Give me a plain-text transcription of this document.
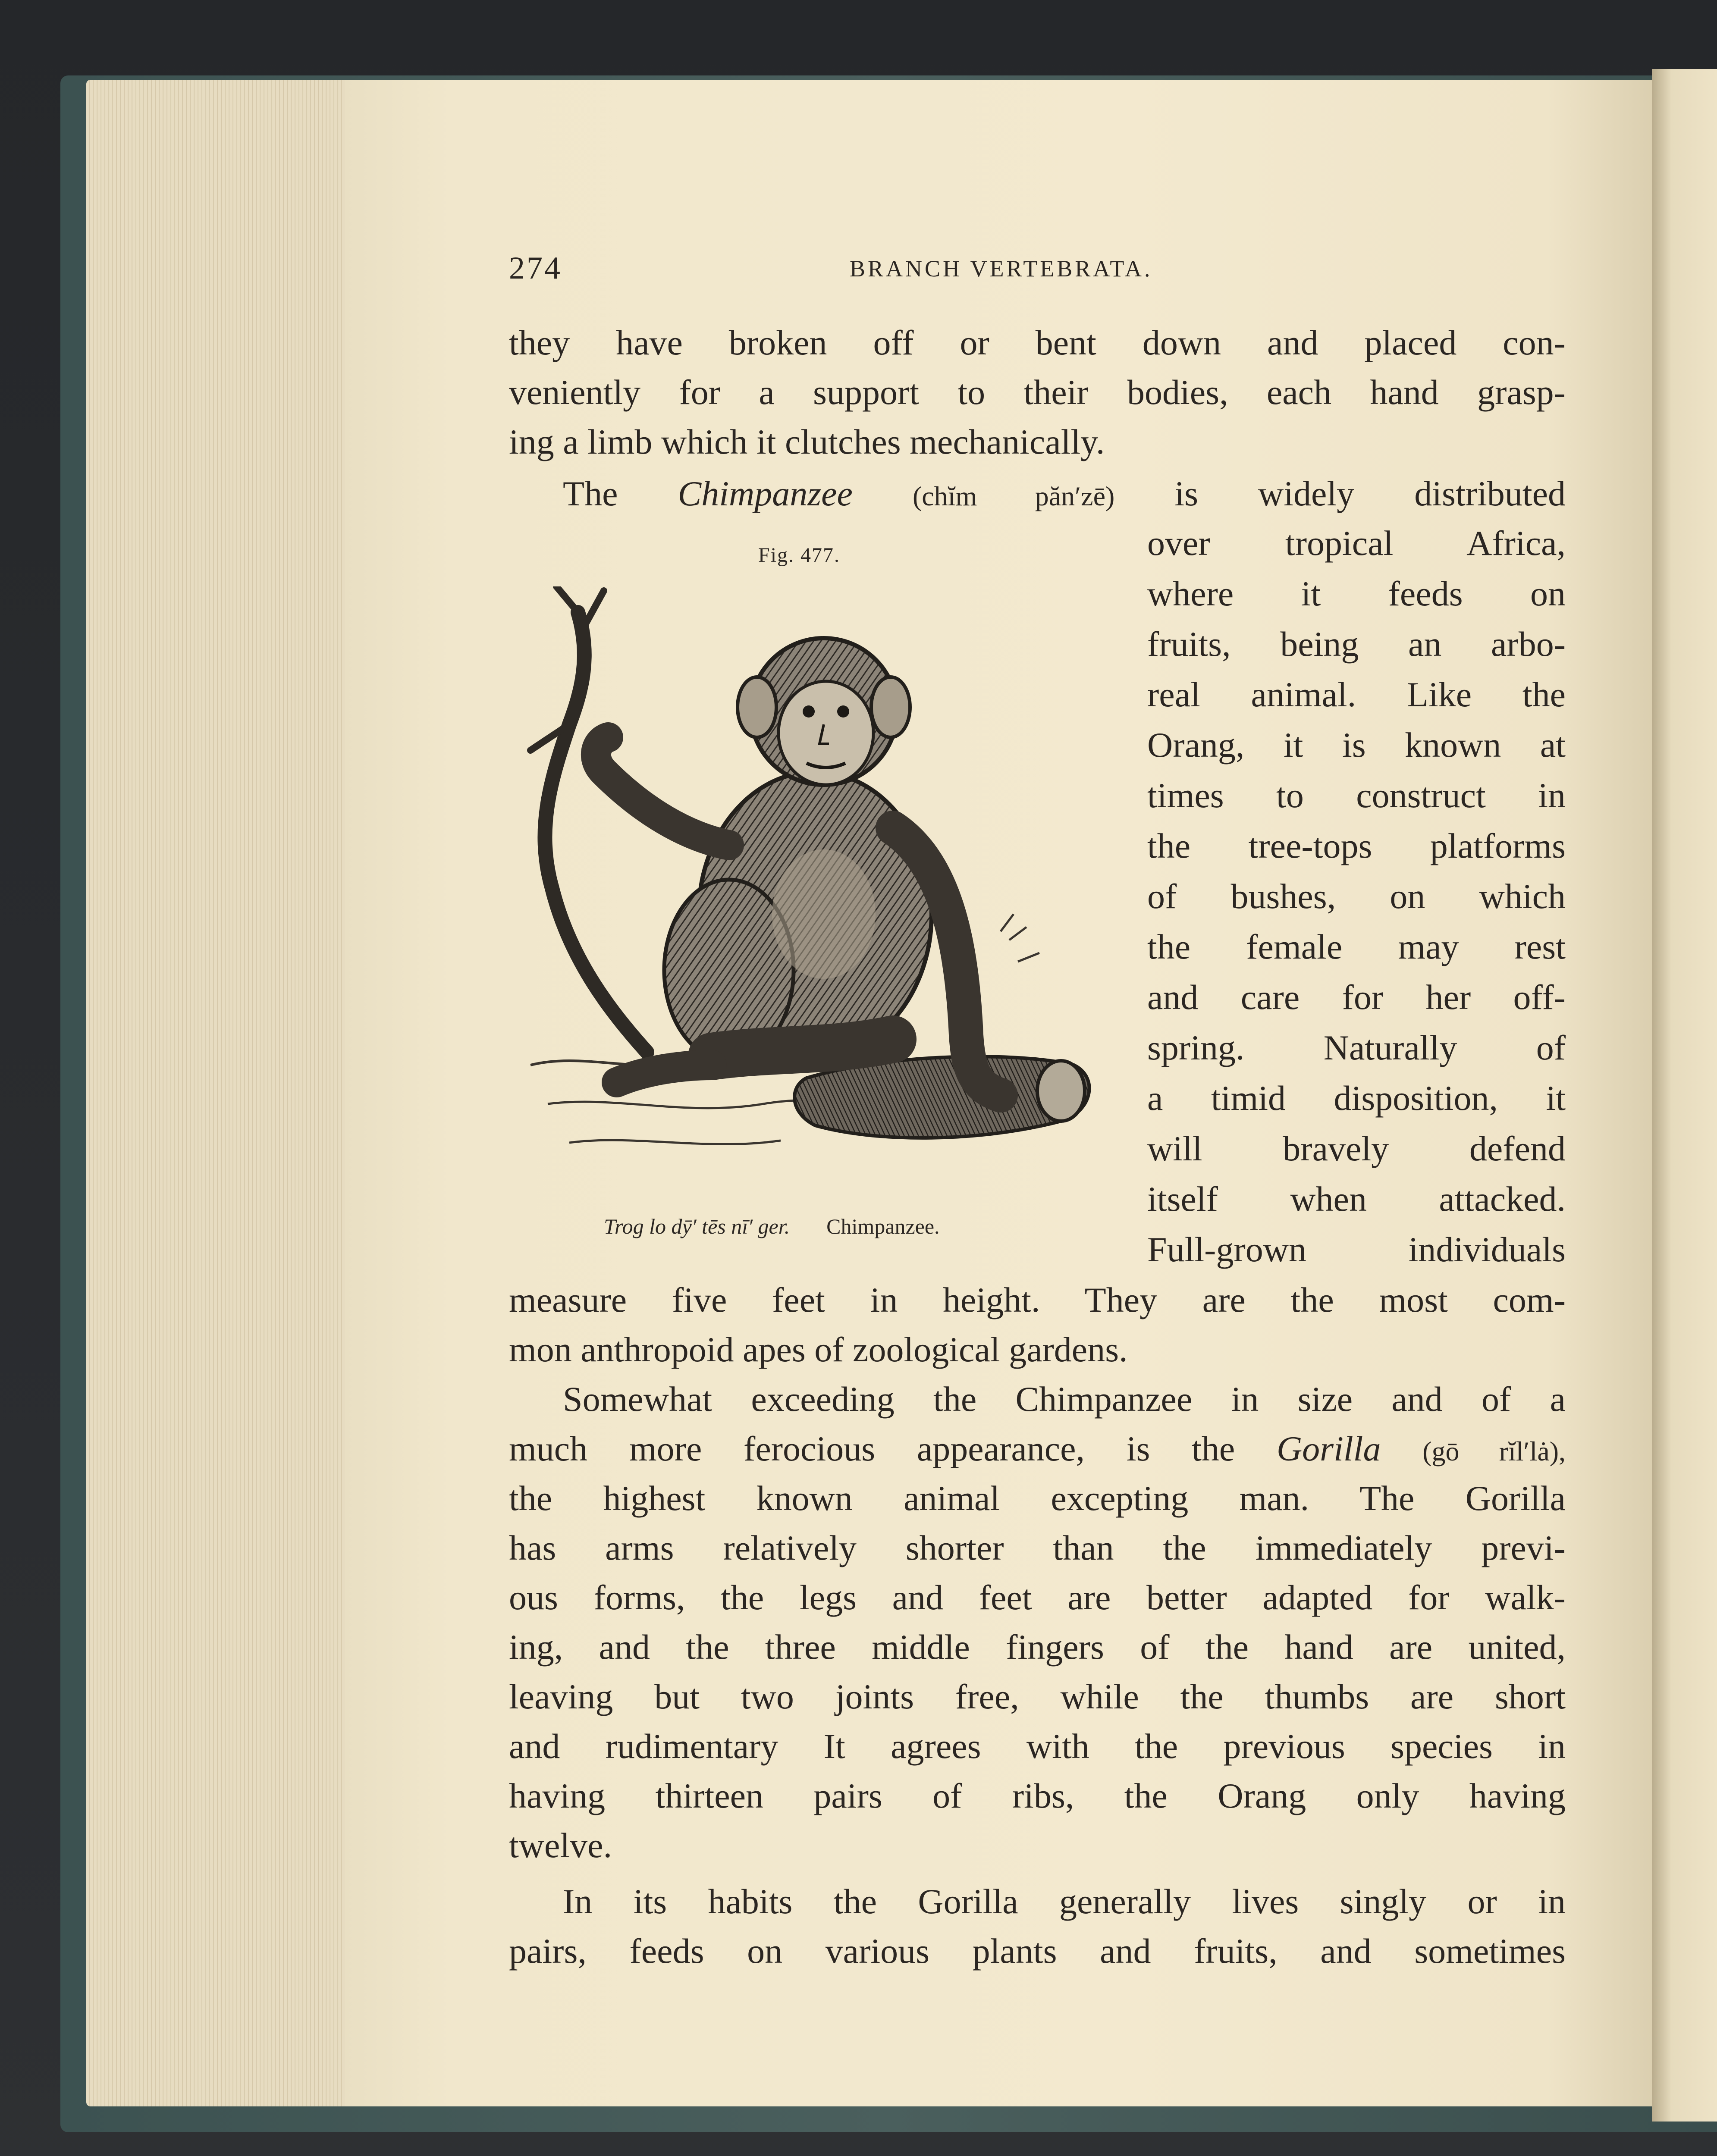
274	BRANCH VERTEBRATA.
they have broken off or bent down and placed con-
veniently for a support to their bodies, each hand grasp-
ing a limb which it clutches mechanically.
The Chimpanzee (chĭm păn′zē) is widely distributed
over tropical Africa,
where it feeds on
fruits, being an arbo-
real animal. Like the
Orang, it is known at
times to construct in
the tree-tops platforms
of bushes, on which
the female may rest
and care for her off-
spring. Naturally of
a timid disposition, it
will bravely defend
itself when attacked.
Full-grown individuals
measure five feet in height. They are the most com-
mon anthropoid apes of zoological gardens.
Fig. 477.
Trog lo dȳ′ tēs nī′ ger. Chimpanzee.
Somewhat exceeding the Chimpanzee in size and of a
much more ferocious appearance, is the Gorilla (gō rĭl′lȧ),
the highest known animal excepting man. The Gorilla
has arms relatively shorter than the immediately previ-
ous forms, the legs and feet are better adapted for walk-
ing, and the three middle fingers of the hand are united,
leaving but two joints free, while the thumbs are short
and rudimentary It agrees with the previous species in
having thirteen pairs of ribs, the Orang only having
twelve.
In its habits the Gorilla generally lives singly or in
pairs, feeds on various plants and fruits, and sometimes
